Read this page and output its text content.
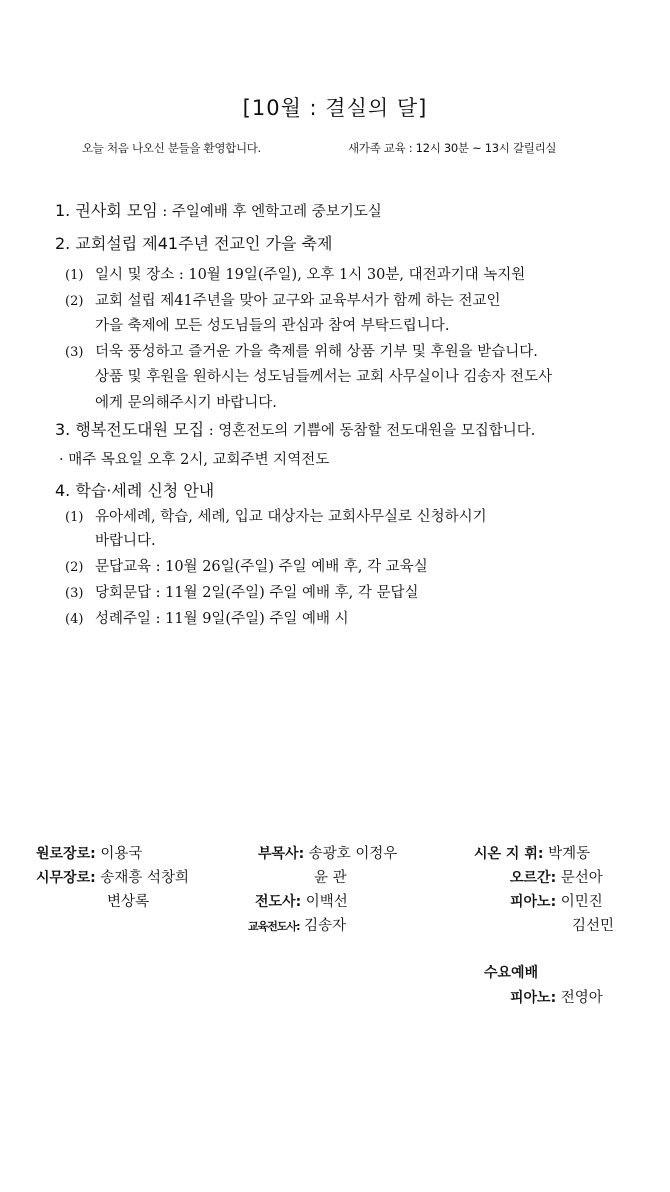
[10월 : 결실의 달]
오늘 처음 나오신 분들을 환영합니다.	새가족 교육 : 12시 30분 ~ 13시 갈릴리실
1. 권사회 모임 : 주일예배 후 엔학고레 중보기도실
2. 교회설립 제41주년 전교인 가을 축제
(1) 일시 및 장소 : 10월 19일(주일), 오후 1시 30분, 대전과기대 녹지원
(2) 교회 설립 제41주년을 맞아 교구와 교육부서가 함께 하는 전교인
가을 축제에 모든 성도님들의 관심과 참여 부탁드립니다.
(3) 더욱 풍성하고 즐거운 가을 축제를 위해 상품 기부 및 후원을 받습니다.
상품 및 후원을 원하시는 성도님들께서는 교회 사무실이나 김송자 전도사
에게 문의해주시기 바랍니다.
3. 행복전도대원 모집 : 영혼전도의 기쁨에 동참할 전도대원을 모집합니다.
· 매주 목요일 오후 2시, 교회주변 지역전도
4. 학습·세례 신청 안내
(1) 유아세례, 학습, 세례, 입교 대상자는 교회사무실로 신청하시기
바랍니다.
(2) 문답교육 : 10월 26일(주일) 주일 예배 후, 각 교육실
(3) 당회문답 : 11월 2일(주일) 주일 예배 후, 각 문답실
(4) 성례주일 : 11월 9일(주일) 주일 예배 시
원로장로: 이용국
시무장로: 송재흥 석창희
변상록
부목사: 송광호 이정우
윤 관
전도사: 이백선
교육전도사: 김송자
시온 지 휘: 박계동
오르간: 문선아
피아노: 이민진
김선민
수요예배
피아노: 전영아
